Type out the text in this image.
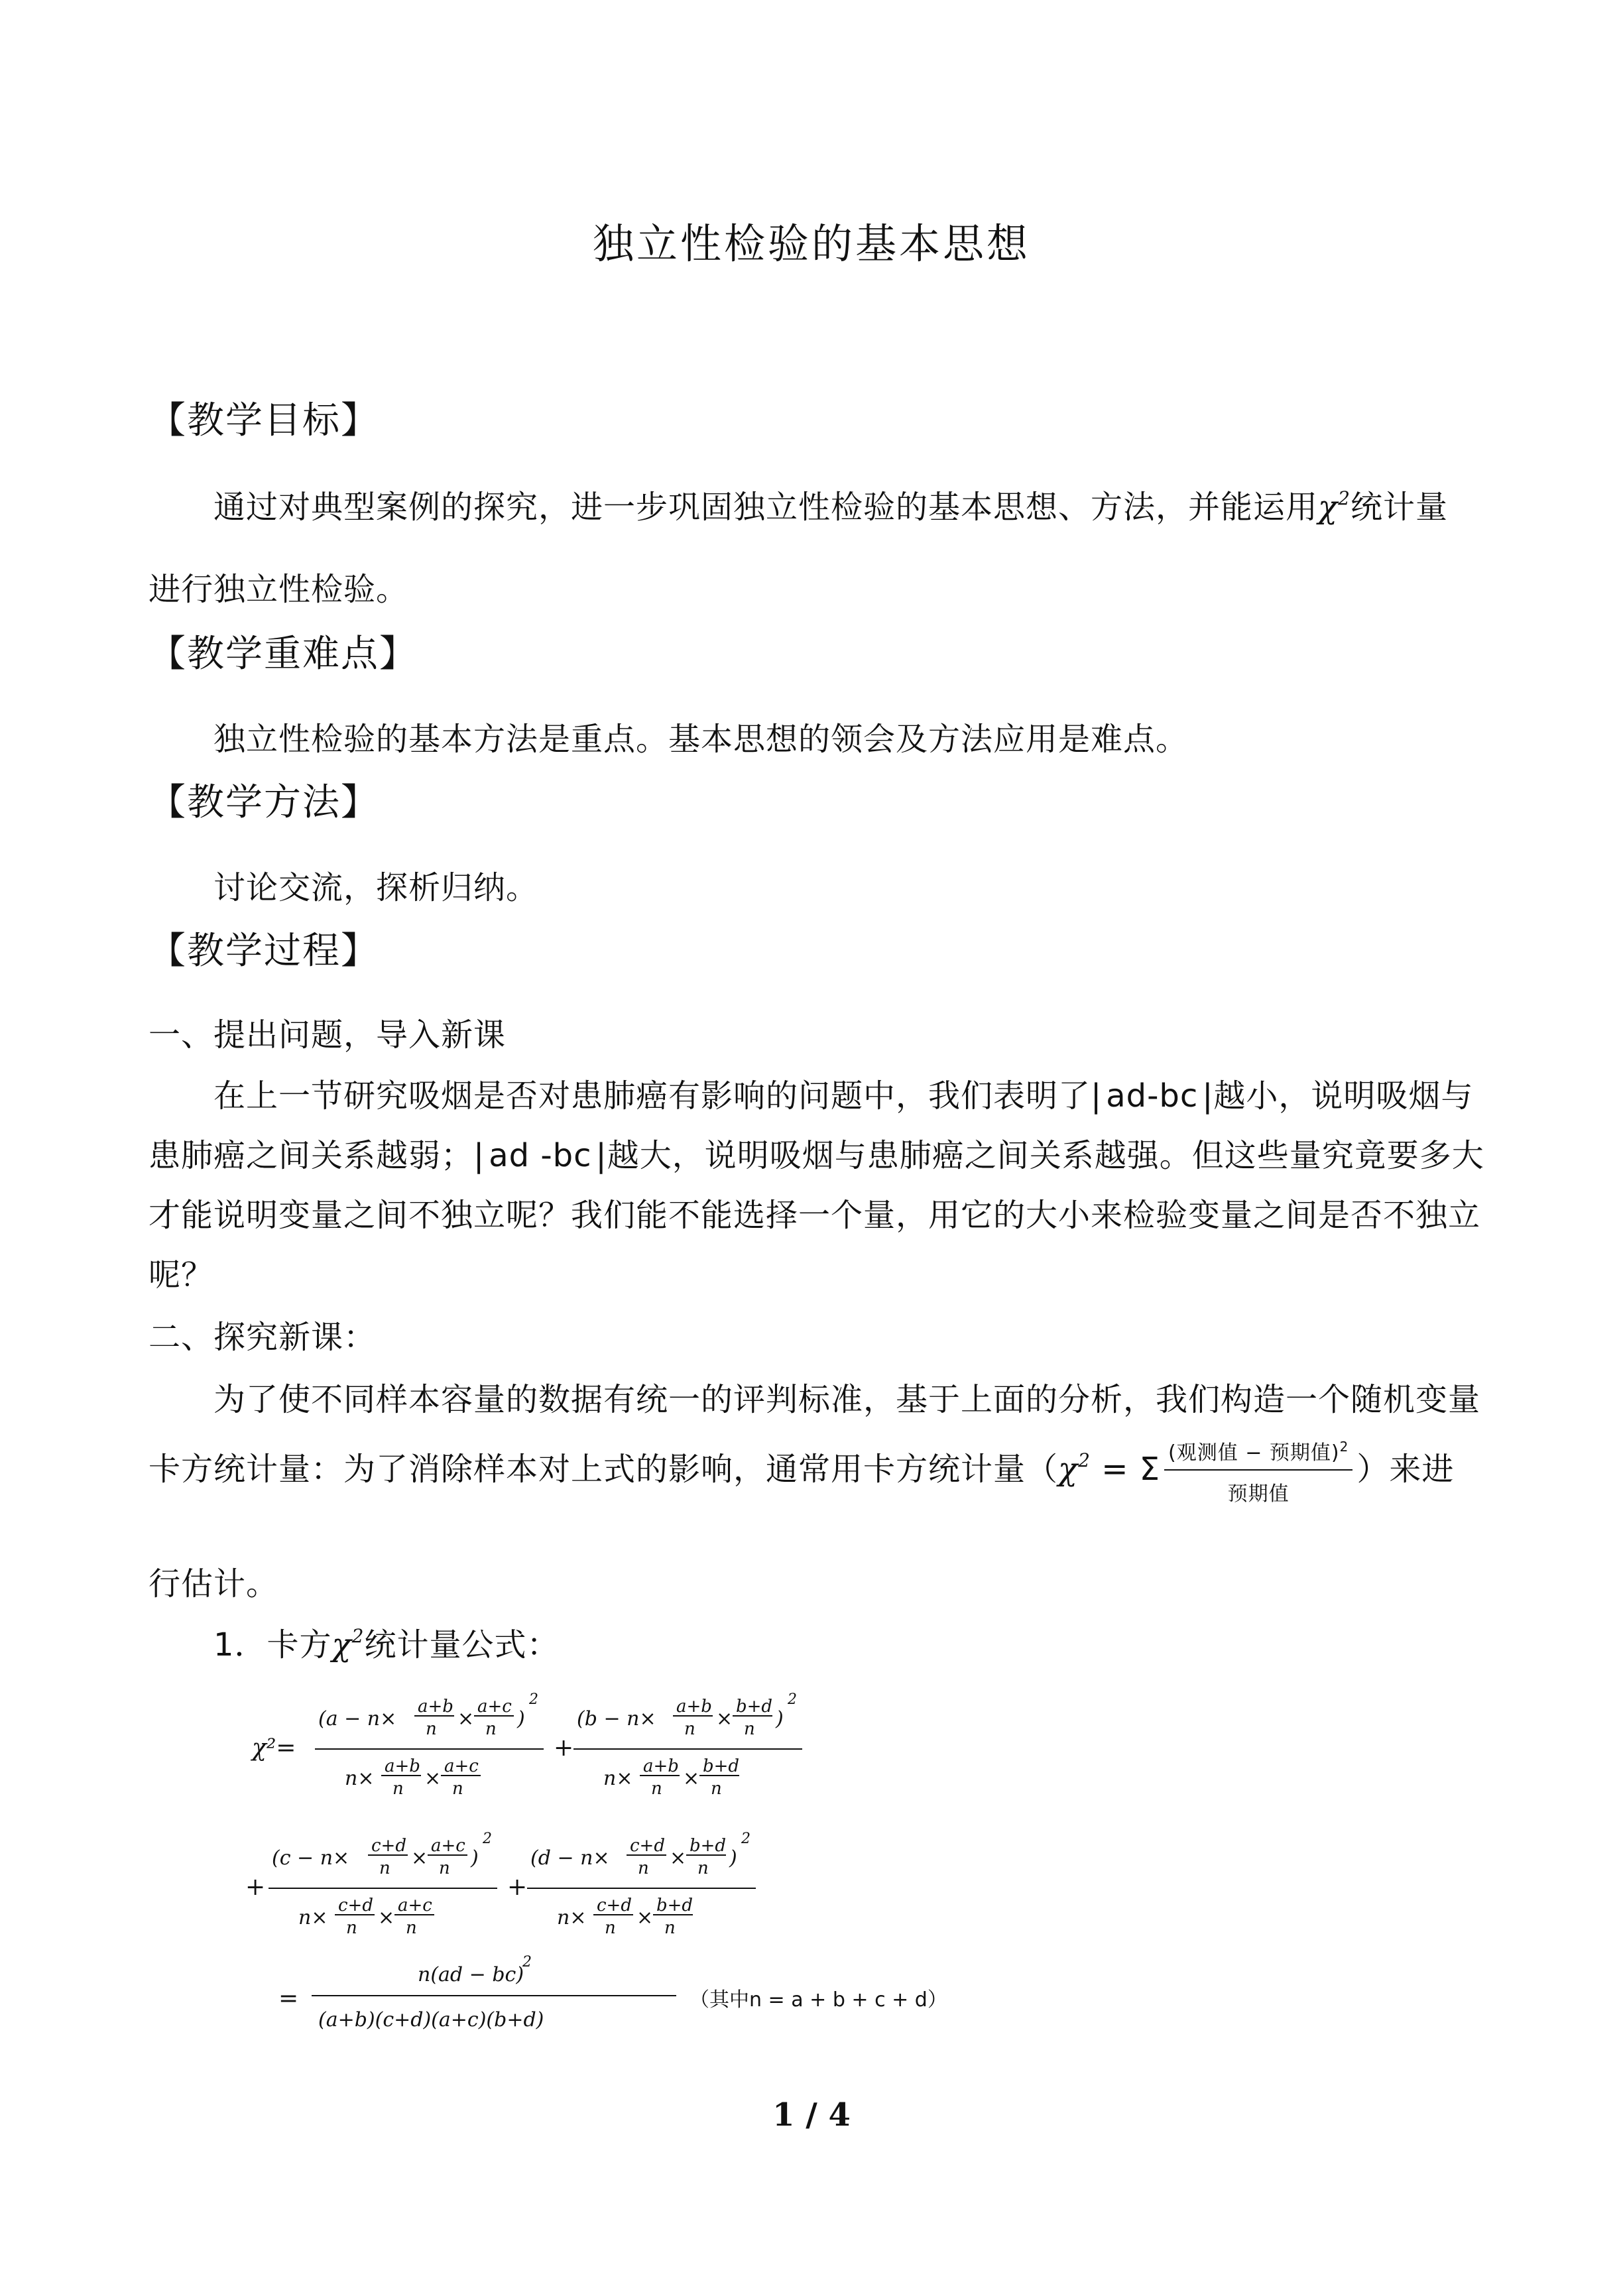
独立性检验的基本思想
【教学目标】
通过对典型案例的探究，进一步巩固独立性检验的基本思想、方法，并能运用$\chi^2$统计量
进行独立性检验。
【教学重难点】
独立性检验的基本方法是重点。基本思想的领会及方法应用是难点。
【教学方法】
讨论交流，探析归纳。
【教学过程】
一、提出问题，导入新课
在上一节研究吸烟是否对患肺癌有影响的问题中，我们表明了| ad-bc |越小，说明吸烟与
患肺癌之间关系越弱；| ad -bc |越大，说明吸烟与患肺癌之间关系越强。但这些量究竟要多大
才能说明变量之间不独立呢？我们能不能选择一个量，用它的大小来检验变量之间是否不独立
呢？
二、探究新课：
为了使不同样本容量的数据有统一的评判标准，基于上面的分析，我们构造一个随机变量
卡方统计量：为了消除样本对上式的影响，通常用卡方统计量（$\chi^2 = \Sigma \frac{(观测值 - 预期值)^2}{\text{预期值}}$ ）来进
行估计。
1．卡方$\chi^2$统计量公式：
χ²=
(a − n×
a+b
n ×
a+c
n )
2
n×
a+b
n ×
a+c
n
+
(b − n×
a+b
n ×
b+d
n )
2
n×
a+b
n ×
b+d
n
+
(c − n×
c+d
n ×
a+c
n )
2
n×
c+d
n ×
a+c
n
+
(d − n×
c+d
n ×
b+d
n )
2
n×
c+d
n ×
b+d
n
=
n(ad − bc)
2
(a+b)(c+d)(a+c)(b+d)
（其中n = a + b + c + d）
1 / 4
